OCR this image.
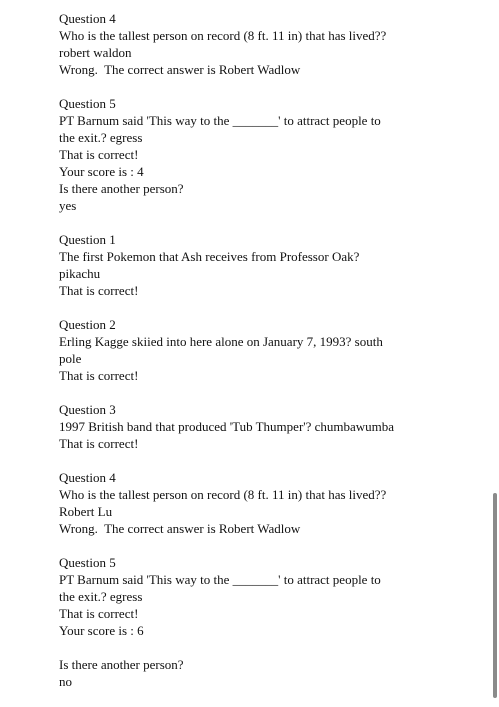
Question 4
Who is the tallest person on record (8 ft. 11 in) that has lived??
robert waldon
Wrong.  The correct answer is Robert Wadlow
Question 5
PT Barnum said 'This way to the _______' to attract people to
the exit.? egress
That is correct!
Your score is : 4
Is there another person?
yes
Question 1
The first Pokemon that Ash receives from Professor Oak?
pikachu
That is correct!
Question 2
Erling Kagge skiied into here alone on January 7, 1993? south
pole
That is correct!
Question 3
1997 British band that produced 'Tub Thumper'? chumbawumba
That is correct!
Question 4
Who is the tallest person on record (8 ft. 11 in) that has lived??
Robert Lu
Wrong.  The correct answer is Robert Wadlow
Question 5
PT Barnum said 'This way to the _______' to attract people to
the exit.? egress
That is correct!
Your score is : 6
Is there another person?
no
